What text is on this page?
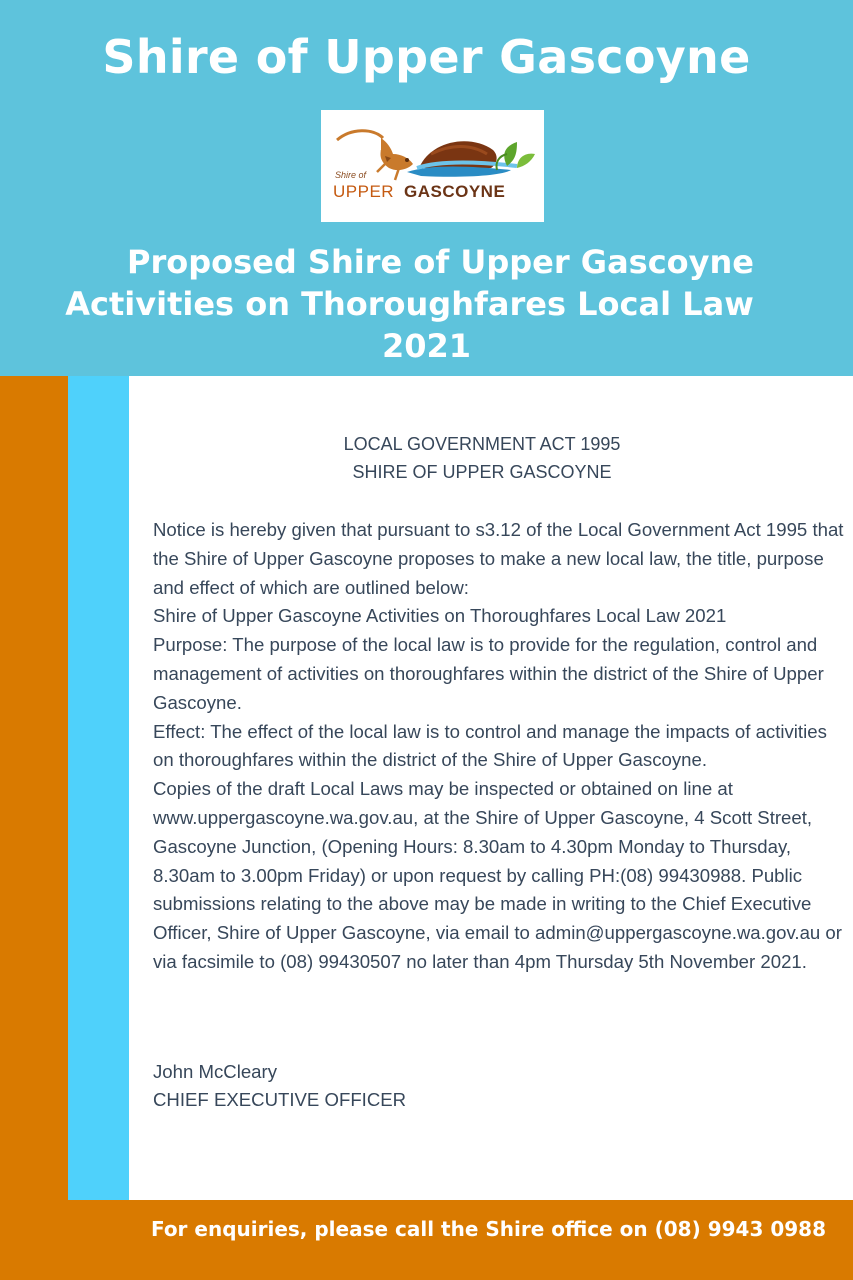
Shire of Upper Gascoyne
Shire of
UPPER GASCOYNE
Proposed Shire of Upper Gascoyne
Activities on Thoroughfares Local Law
2021
LOCAL GOVERNMENT ACT 1995
SHIRE OF UPPER GASCOYNE

Notice is hereby given that pursuant to s3.12 of the Local Government Act 1995 that the Shire of Upper Gascoyne proposes to make a new local law, the title, purpose and effect of which are outlined below:

Shire of Upper Gascoyne Activities on Thoroughfares Local Law 2021

Purpose: The purpose of the local law is to provide for the regulation, control and management of activities on thoroughfares within the district of the Shire of Upper Gascoyne.

Effect: The effect of the local law is to control and manage the impacts of activities on thoroughfares within the district of the Shire of Upper Gascoyne.

Copies of the draft Local Laws may be inspected or obtained on line at www.uppergascoyne.wa.gov.au, at the Shire of Upper Gascoyne, 4 Scott Street, Gascoyne Junction, (Opening Hours: 8.30am to 4.30pm Monday to Thursday, 8.30am to 3.00pm Friday) or upon request by calling PH:(08) 99430988. Public submissions relating to the above may be made in writing to the Chief Executive Officer, Shire of Upper Gascoyne, via email to admin@uppergascoyne.wa.gov.au or via facsimile to (08) 99430507 no later than 4pm Thursday 5th November 2021.

John McCleary
CHIEF EXECUTIVE OFFICER
For enquiries, please call the Shire office on (08) 9943 0988
